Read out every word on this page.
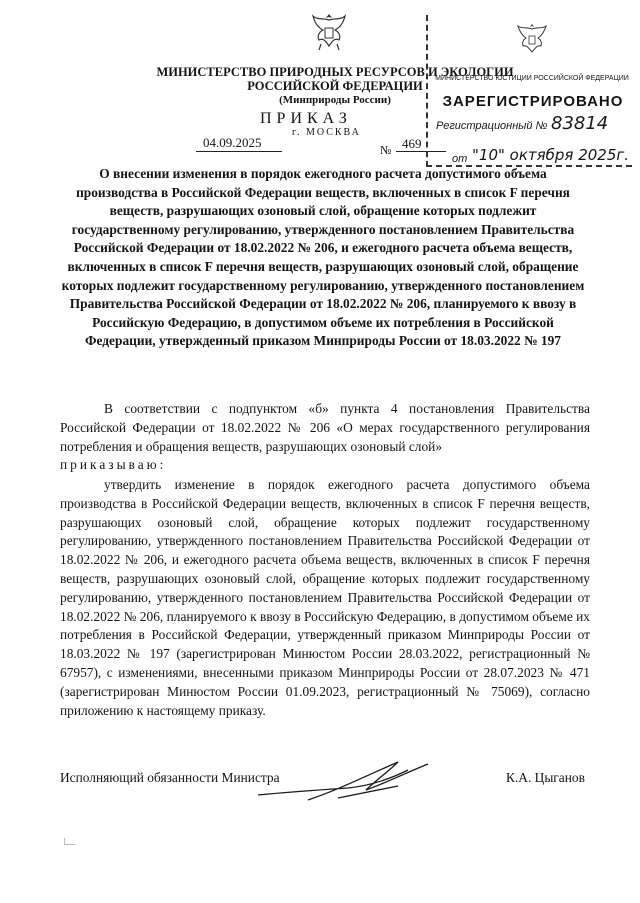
МИНИСТЕРСТВО ПРИРОДНЫХ РЕСУРСОВ И ЭКОЛОГИИ
РОССИЙСКОЙ ФЕДЕРАЦИИ
(Минприроды России)
ПРИКАЗ
г. МОСКВА
04.09.2025	№ 469
МИНИСТЕРСТВО ЮСТИЦИИ РОССИЙСКОЙ ФЕДЕРАЦИИ
ЗАРЕГИСТРИРОВАНО
Регистрационный № 83814
от "10" октября 2025г.
О внесении изменения в порядок ежегодного расчета допустимого объема производства в Российской Федерации веществ, включенных в список F перечня веществ, разрушающих озоновый слой, обращение которых подлежит государственному регулированию, утвержденного постановлением Правительства Российской Федерации от 18.02.2022 № 206, и ежегодного расчета объема веществ, включенных в список F перечня веществ, разрушающих озоновый слой, обращение которых подлежит государственному регулированию, утвержденного постановлением Правительства Российской Федерации от 18.02.2022 № 206, планируемого к ввозу в Российскую Федерацию, в допустимом объеме их потребления в Российской Федерации, утвержденный приказом Минприроды России от 18.03.2022 № 197
В соответствии с подпунктом «б» пункта 4 постановления Правительства Российской Федерации от 18.02.2022 № 206 «О мерах государственного регулирования потребления и обращения веществ, разрушающих озоновый слой»
приказываю:
утвердить изменение в порядок ежегодного расчета допустимого объема производства в Российской Федерации веществ, включенных в список F перечня веществ, разрушающих озоновый слой, обращение которых подлежит государственному регулированию, утвержденного постановлением Правительства Российской Федерации от 18.02.2022 № 206, и ежегодного расчета объема веществ, включенных в список F перечня веществ, разрушающих озоновый слой, обращение которых подлежит государственному регулированию, утвержденного постановлением Правительства Российской Федерации от 18.02.2022 № 206, планируемого к ввозу в Российскую Федерацию, в допустимом объеме их потребления в Российской Федерации, утвержденный приказом Минприроды России от 18.03.2022 № 197 (зарегистрирован Минюстом России 28.03.2022, регистрационный № 67957), с изменениями, внесенными приказом Минприроды России от 28.07.2023 № 471 (зарегистрирован Минюстом России 01.09.2023, регистрационный № 75069), согласно приложению к настоящему приказу.
Исполняющий обязанности Министра	К.А. Цыганов
